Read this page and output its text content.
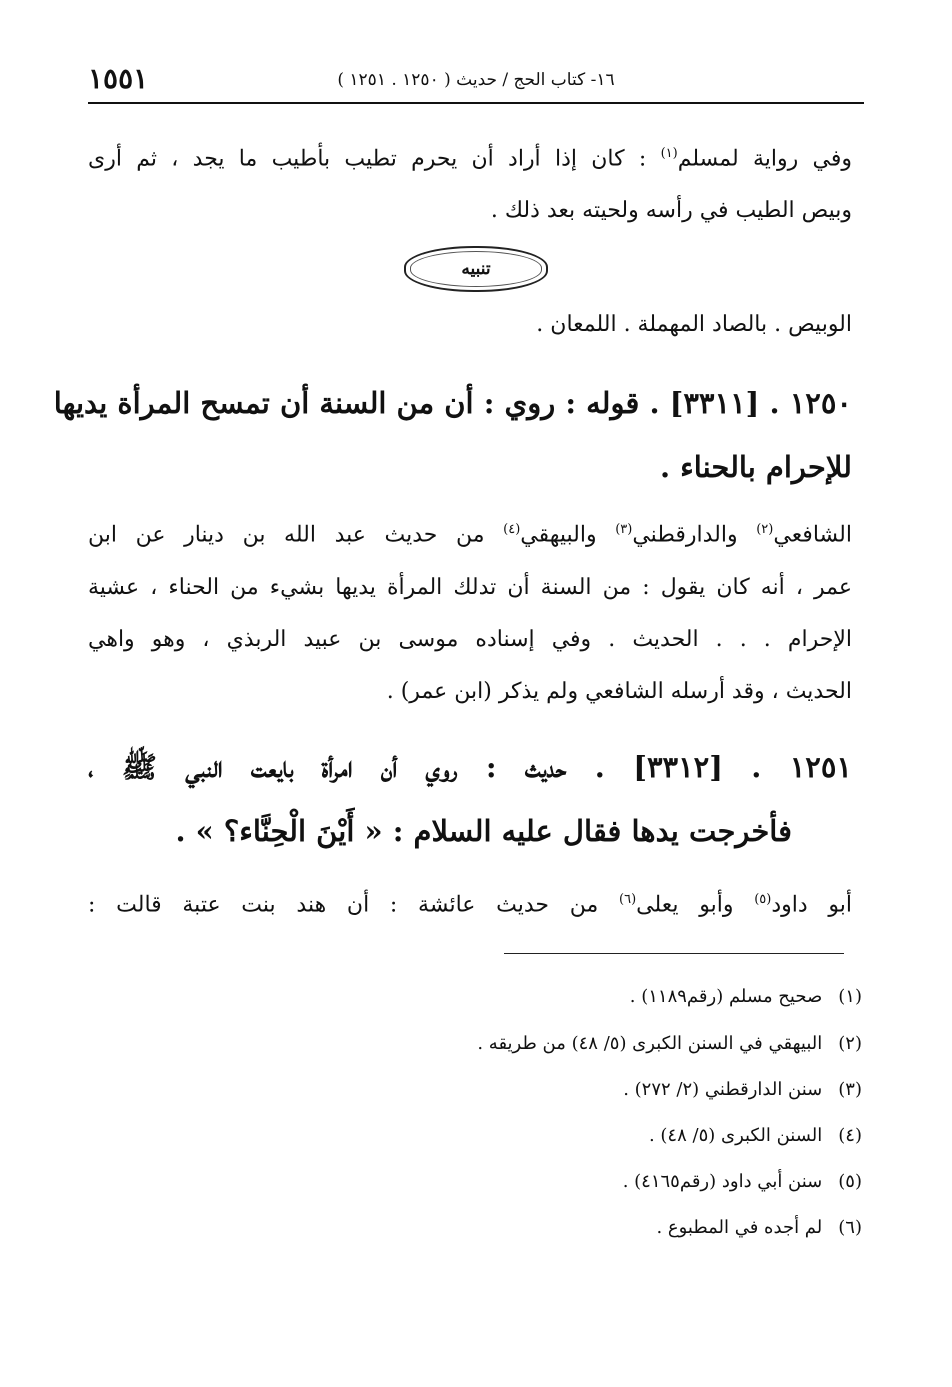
١٥٥١	١٦- كتاب الحج / حديث ( ١٢٥٠ . ١٢٥١ )
وفي رواية لمسلم$^{(١)}$ : كان إذا أراد أن يحرم تطيب بأطيب ما يجد ، ثم أرى
وبيص الطيب في رأسه ولحيته بعد ذلك .
تنبيه
الوبيص . بالصاد المهملة . اللمعان .
١٢٥٠ . [٣٣١١] . قوله : روي : أن من السنة أن تمسح المرأة يديها
للإحرام بالحناء .
الشافعي$^{(٢)}$ والدارقطني$^{(٣)}$ والبيهقي$^{(٤)}$ من حديث عبد الله بن دينار عن ابن
عمر ، أنه كان يقول : من السنة أن تدلك المرأة يديها بشيء من الحناء ، عشية
الإحرام . . . الحديث . وفي إسناده موسى بن عبيد الربذي ، وهو واهي
الحديث ، وقد أرسله الشافعي ولم يذكر (ابن عمر) .
١٢٥١ . [٣٣١٢] . حديث : روي أن امرأة بايعت النبي ﷺ ،
فأخرجت يدها فقال عليه السلام : « أَيْنَ الْحِنَّاء؟ » .
أبو داود$^{(٥)}$ وأبو يعلى$^{(٦)}$ من حديث عائشة : أن هند بنت عتبة قالت :
(١) صحيح مسلم (رقم١١٨٩) .
(٢) البيهقي في السنن الكبرى (٥/ ٤٨) من طريقه .
(٣) سنن الدارقطني (٢/ ٢٧٢) .
(٤) السنن الكبرى (٥/ ٤٨) .
(٥) سنن أبي داود (رقم٤١٦٥) .
(٦) لم أجده في المطبوع .
